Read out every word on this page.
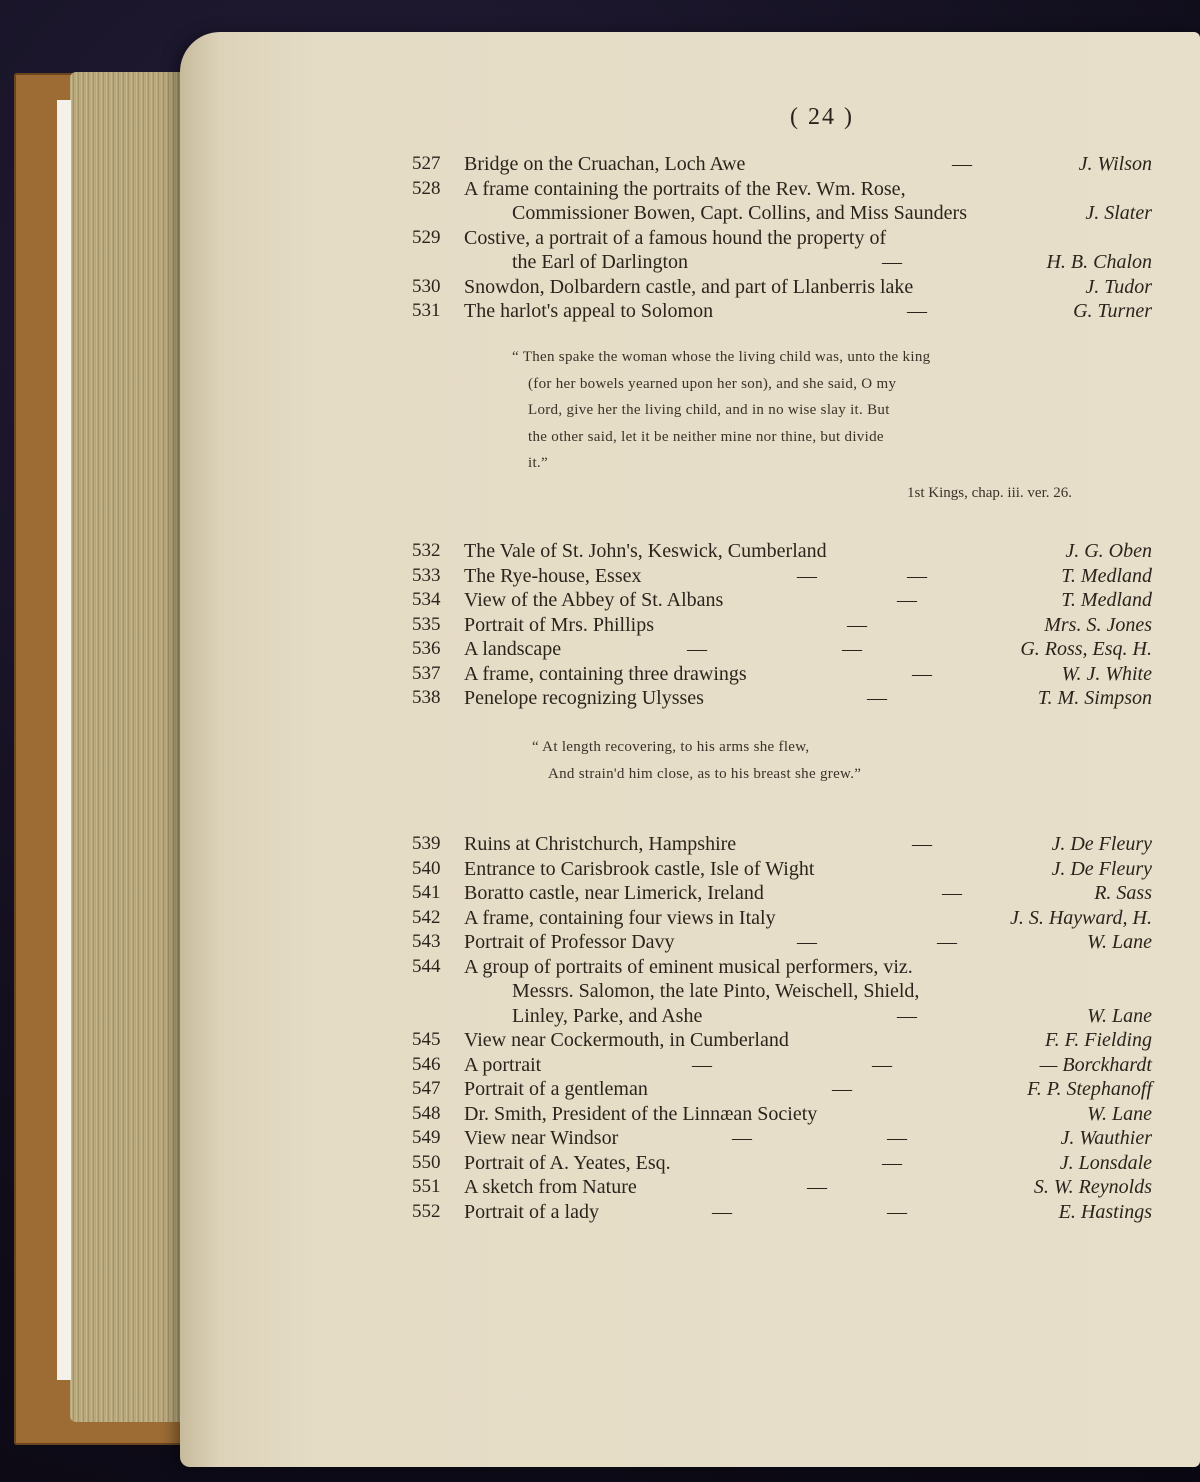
( 24 )
527	Bridge on the Cruachan, Loch Awe	—	J. Wilson
528	A frame containing the portraits of the Rev. Wm. Rose,
Commissioner Bowen, Capt. Collins, and Miss Saunders	J. Slater
529	Costive, a portrait of a famous hound the property of
the Earl of Darlington	—	H. B. Chalon
530	Snowdon, Dolbardern castle, and part of Llanberris lake	J. Tudor
531	The harlot's appeal to Solomon	—	G. Turner
“ Then spake the woman whose the living child was, unto the king
(for her bowels yearned upon her son), and she said, O my
Lord, give her the living child, and in no wise slay it. But
the other said, let it be neither mine nor thine, but divide
it.”
1st Kings, chap. iii. ver. 26.
532	The Vale of St. John's, Keswick, Cumberland	J. G. Oben
533	The Rye-house, Essex	—	—	T. Medland
534	View of the Abbey of St. Albans	—	T. Medland
535	Portrait of Mrs. Phillips	—	Mrs. S. Jones
536	A landscape	—	—	G. Ross, Esq. H.
537	A frame, containing three drawings	—	W. J. White
538	Penelope recognizing Ulysses	—	T. M. Simpson
“ At length recovering, to his arms she flew,
And strain'd him close, as to his breast she grew.”
539	Ruins at Christchurch, Hampshire	—	J. De Fleury
540	Entrance to Carisbrook castle, Isle of Wight	J. De Fleury
541	Boratto castle, near Limerick, Ireland	—	R. Sass
542	A frame, containing four views in Italy	J. S. Hayward, H.
543	Portrait of Professor Davy	—	—	W. Lane
544	A group of portraits of eminent musical performers, viz.
Messrs. Salomon, the late Pinto, Weischell, Shield,
Linley, Parke, and Ashe	—	W. Lane
545	View near Cockermouth, in Cumberland	F. F. Fielding
546	A portrait	—	—	— Borckhardt
547	Portrait of a gentleman	—	F. P. Stephanoff
548	Dr. Smith, President of the Linnæan Society	W. Lane
549	View near Windsor	—	—	J. Wauthier
550	Portrait of A. Yeates, Esq.	—	J. Lonsdale
551	A sketch from Nature	—	S. W. Reynolds
552	Portrait of a lady	—	—	E. Hastings
